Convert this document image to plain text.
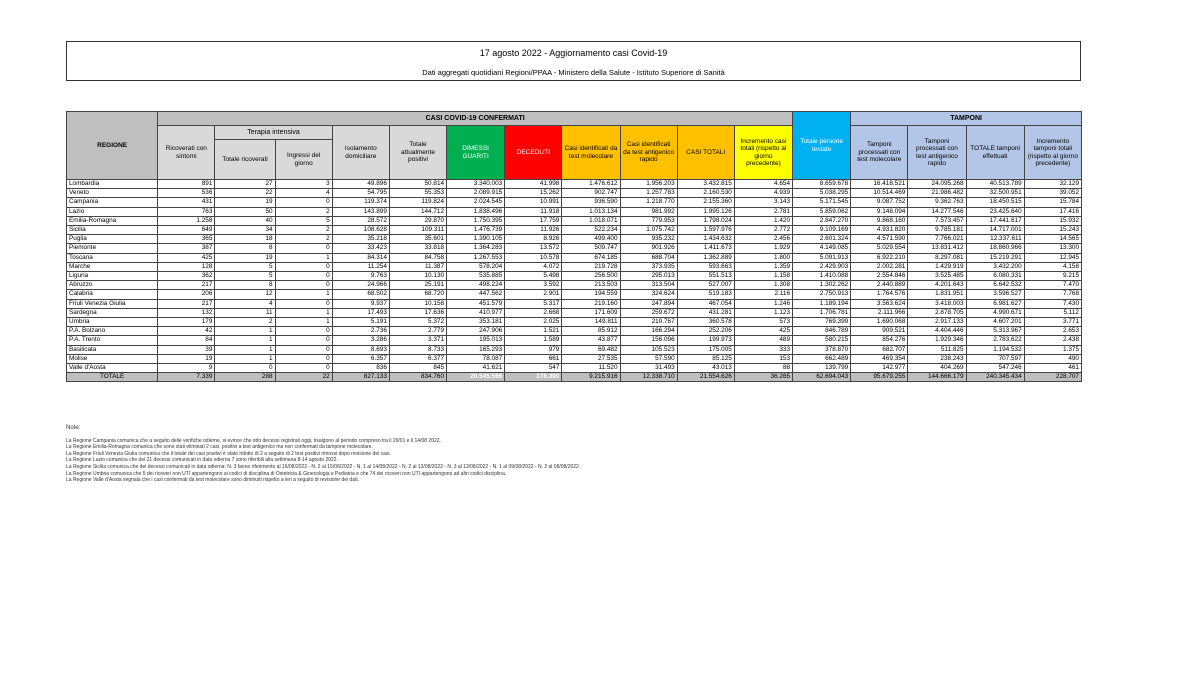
17 agosto 2022 - Aggiornamento casi Covid-19
Dati aggregati quotidiani Regioni/PPAA - Ministero della Salute - Istituto Superiore di Sanità
REGIONE	CASI COVID-19 CONFERMATI											Totale persone testate	TAMPONI			
	Ricoverati con sintomi	Terapia intensiva		Isolamento domiciliare	Totale attualmente positivi	DIMESSI GUARITI	DECEDUTI	Casi identificati da test molecolare	Casi identificati da test antigenico rapido	CASI TOTALI	Incremento casi totali (rispetto al giorno precedente)		Tamponi processati con test molecolare	Tamponi processati con test antigenico rapido	TOTALE tamponi effettuati	Incremento tamponi totali (rispetto al giorno precedente)
		Totale ricoverati	Ingressi del giorno													
Lombardia	891	27	3	49.896	50.814	3.340.003	41.998	1.476.612	1.956.203	3.432.815	4.654	8.659.678	16.418.521	24.095.268	40.513.789	32.129
Veneto	536	22	4	54.795	55.353	2.089.915	15.262	902.747	1.257.783	2.160.530	4.939	5.038.295	10.514.469	21.986.482	32.500.951	39.052
Campania	431	19	0	119.374	119.824	2.024.545	10.991	936.590	1.218.770	2.155.360	3.143	5.171.545	9.087.752	9.362.763	18.450.515	15.784
Lazio	763	50	2	143.899	144.712	1.838.496	11.918	1.013.134	981.992	1.995.126	2.781	5.859.062	9.148.094	14.277.546	23.425.640	17.416
Emilia-Romagna	1.258	40	5	28.572	29.870	1.750.395	17.759	1.018.071	779.953	1.798.024	1.420	2.847.270	9.868.160	7.573.457	17.441.617	15.932
Sicilia	649	34	2	108.628	109.311	1.476.739	11.926	522.234	1.075.742	1.597.976	2.772	9.109.169	4.931.820	9.785.181	14.717.001	15.243
Puglia	365	18	2	35.218	35.601	1.390.105	8.926	499.400	935.232	1.434.632	2.456	2.601.324	4.571.590	7.766.021	12.337.611	14.565
Piemonte	387	8	0	33.423	33.818	1.364.283	13.572	509.747	901.926	1.411.673	1.929	4.149.085	5.029.554	13.831.412	18.860.966	13.300
Toscana	425	19	1	84.314	84.758	1.267.553	10.578	674.185	688.704	1.362.889	1.800	5.091.913	6.922.210	8.297.081	15.219.291	12.945
Marche	128	5	0	11.254	11.387	578.204	4.072	219.728	373.935	593.663	1.359	2.429.903	2.002.281	1.429.919	3.432.200	4.158
Liguria	362	5	0	9.763	10.130	535.885	5.498	256.500	295.013	551.513	1.158	1.410.088	2.554.846	3.525.485	6.080.331	9.215
Abruzzo	217	8	0	24.966	25.191	498.224	3.592	213.503	313.504	527.007	1.308	1.302.262	2.440.889	4.201.643	6.642.532	7.470
Calabria	206	12	1	68.502	68.720	447.562	2.901	194.559	324.624	519.183	2.116	2.750.913	1.764.576	1.831.951	3.596.527	7.768
Friuli Venezia Giulia	217	4	0	9.937	10.158	451.579	5.317	219.160	247.894	467.054	1.246	1.189.194	3.563.624	3.418.003	6.981.627	7.430
Sardegna	132	11	1	17.493	17.636	410.977	2.668	171.609	259.672	431.281	1.123	1.706.781	2.111.966	2.878.705	4.990.671	5.112
Umbria	179	2	1	5.191	5.372	353.181	2.025	149.811	210.767	360.578	573	769.399	1.690.068	2.917.133	4.607.201	3.771
P.A. Bolzano	42	1	0	2.736	2.779	247.906	1.521	85.912	166.294	252.206	425	846.789	909.521	4.404.446	5.313.967	2.653
P.A. Trento	84	1	0	3.286	3.371	195.013	1.589	43.877	156.096	199.973	489	580.215	854.276	1.929.346	2.783.622	2.438
Basilicata	39	1	0	8.693	8.733	165.293	979	69.482	105.523	175.005	333	378.870	682.707	511.825	1.194.532	1.375
Molise	19	1	0	6.357	6.377	78.087	661	27.535	57.590	85.125	153	662.489	469.354	238.243	707.597	490
Valle d'Aosta	9	0	0	836	845	41.621	547	11.520	31.493	43.013	88	139.799	142.977	404.269	547.246	461
TOTALE	7.339	288	22	827.133	834.760	20.545.566	178.300	9.215.916	12.338.710	21.554.626	36.265	62.694.043	95.679.255	144.666.179	240.345.434	228.707
Note:
La Regione Campania comunica che a seguito delle verifiche odierne, si evince che otto decessi registrati oggi, risalgono al periodo compreso tra il 29/01 e il 14/08 2022.
La Regione Emilia-Romagna comunica che sono stati eliminati 2 casi, positivi a test antigenico ma non confermati da tampone molecolare.
La Regione Friuli Venezia Giulia comunica che il totale dei casi positivi è stato ridotto di 2 a seguito di 2 test positivi rimossi dopo revisione dei casi.
La Regione Lazio comunica che dei 21 decessi comunicati in data odierna 7 sono riferibili alla settimana 8-14 agosto 2022.
La Regione Sicilia comunica che dei decessi comunicati in data odierna: N. 3 fanno riferimento al 16/08/2022 - N. 2 al 15/08/2022 - N. 1 al 14/08/2022 - N. 2 al 13/08/2022 - N. 3 al 12/08/2022 - N. 1 al 09/08/2022 - N. 2 al 08/08/2022.
La Regione Umbria comunica che 5 dei ricoveri non UTI appartengono ai codici di disciplina di Ostetricia & Ginecologia e Pediatria e che 74 dei ricoveri non UTI appartengono ad altri codici disciplina.
La Regione Valle d'Aosta segnala che i casi confermati da test molecolare sono diminuiti rispetto a ieri a seguito di revisione dei dati.
